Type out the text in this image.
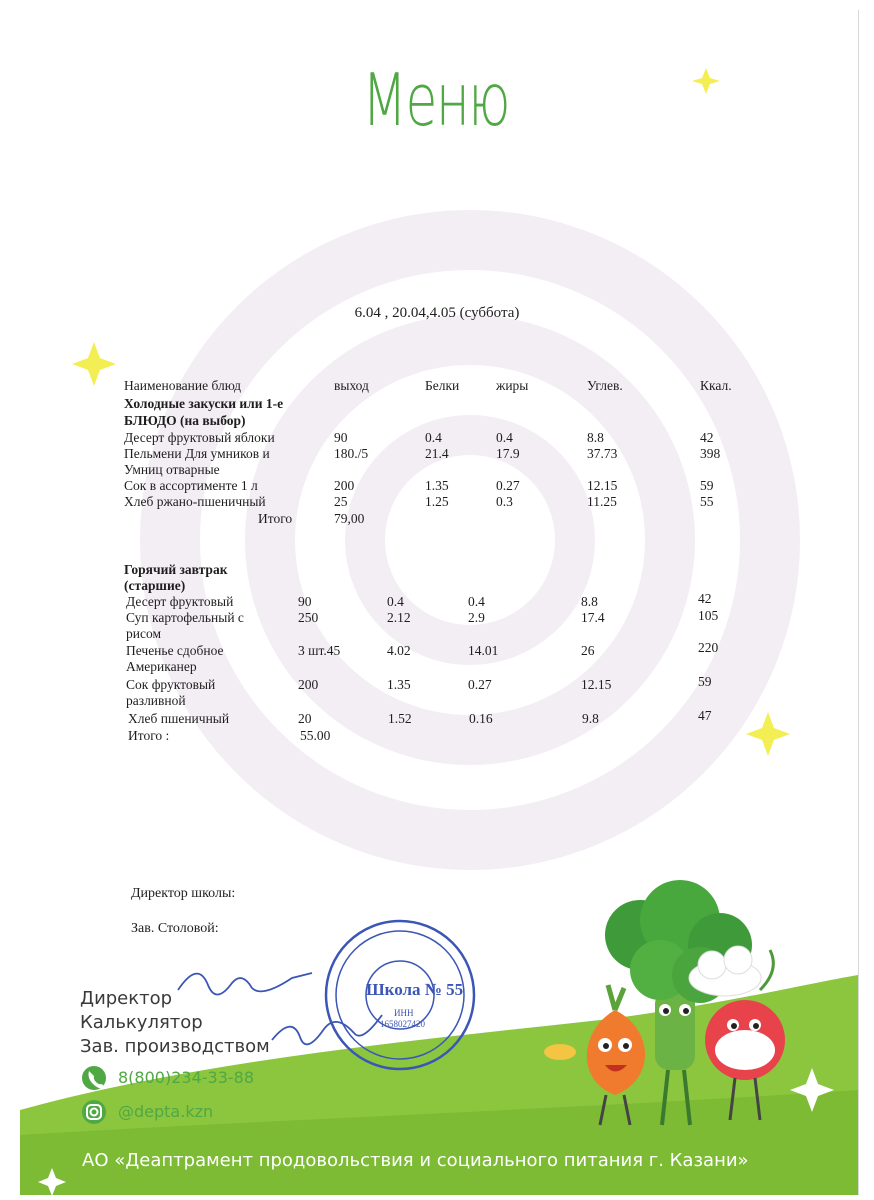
Меню
6.04 , 20.04,4.05 (суббота)
Наименование блюд	выход	Белки	жиры	Углев.	Ккал.
Холодные закуски или 1-е
БЛЮДО (на выбор)
Десерт фруктовый яблоки	90	0.4	0.4	8.8	42
Пельмени Для умников и
Умниц отварные
180./5	21.4	17.9	37.73	398
Сок в ассортименте 1 л	200	1.35	0.27	12.15	59
Хлеб ржано-пшеничный	25	1.25	0.3	11.25	55
Итого	79,00
Горячий завтрак
(старшие)
Десерт фруктовый	90	0.4	0.4	8.8	42
Суп картофельный с
рисом
250	2.12	2.9	17.4	105
Печенье сдобное
Американер
3 шт.45	4.02	14.01	26	220
Сок фруктовый
разливной
200	1.35	0.27	12.15	59
Хлеб пшеничный	20	1.52	0.16	9.8	47
Итого :	55.00
Директор школы:
Зав. Столовой:
Школа № 55
ИНН
1658027420
Директор
Калькулятор
Зав. производством
8(800)234-33-88
@depta.kzn
АО «Деаптрамент продовольствия и социального питания г. Казани»
